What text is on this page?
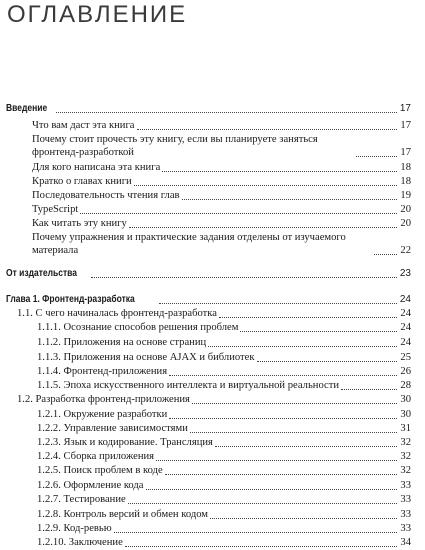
ОГЛАВЛЕНИЕ
Введение	17
Что вам даст эта книга	17
Почему стоит прочесть эту книгу, если вы планируете заняться фронтенд-разработкой	17
Для кого написана эта книга	18
Кратко о главах книги	18
Последовательность чтения глав	19
TypeScript	20
Как читать эту книгу	20
Почему упражнения и практические задания отделены от изучаемого материала	22
От издательства	23
Глава 1. Фронтенд-разработка	24
1.1. С чего начиналась фронтенд-разработка	24
1.1.1. Осознание способов решения проблем	24
1.1.2. Приложения на основе страниц	24
1.1.3. Приложения на основе AJAX и библиотек	25
1.1.4. Фронтенд-приложения	26
1.1.5. Эпоха искусственного интеллекта и виртуальной реальности	28
1.2. Разработка фронтенд-приложения	30
1.2.1. Окружение разработки	30
1.2.2. Управление зависимостями	31
1.2.3. Язык и кодирование. Трансляция	32
1.2.4. Сборка приложения	32
1.2.5. Поиск проблем в коде	32
1.2.6. Оформление кода	33
1.2.7. Тестирование	33
1.2.8. Контроль версий и обмен кодом	33
1.2.9. Код-ревью	33
1.2.10. Заключение	34
